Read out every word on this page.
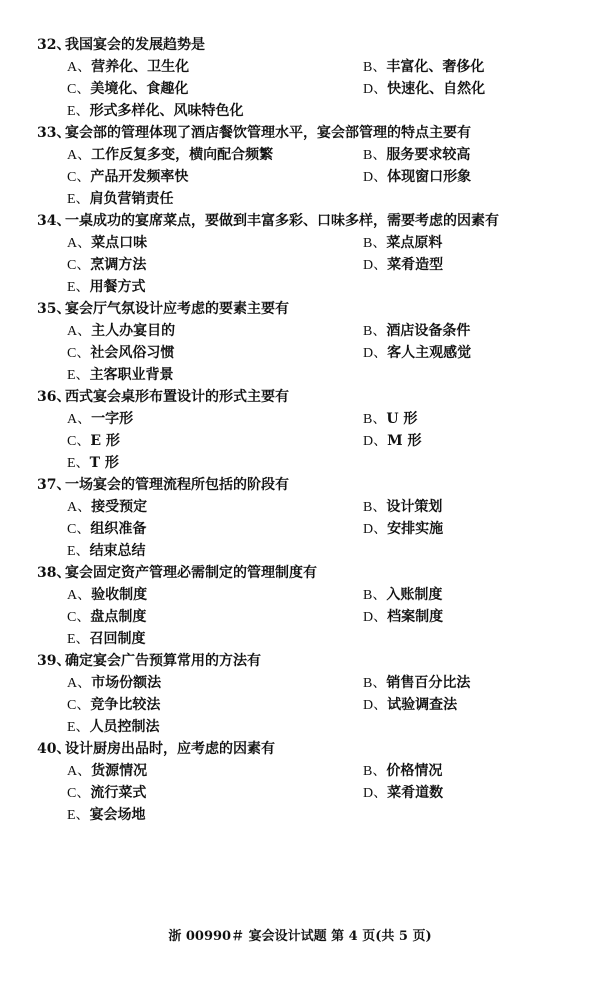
32、
我国宴会的发展趋势是
A、营养化、卫生化	B、丰富化、奢侈化
C、美境化、食趣化	D、快速化、自然化
E、形式多样化、风味特色化
33、
宴会部的管理体现了酒店餐饮管理水平，宴会部管理的特点主要有
A、工作反复多变，横向配合频繁	B、服务要求较高
C、产品开发频率快	D、体现窗口形象
E、肩负营销责任
34、
一桌成功的宴席菜点，要做到丰富多彩、口味多样，需要考虑的因素有
A、菜点口味	B、菜点原料
C、烹调方法	D、菜肴造型
E、用餐方式
35、
宴会厅气氛设计应考虑的要素主要有
A、主人办宴目的	B、酒店设备条件
C、社会风俗习惯	D、客人主观感觉
E、主客职业背景
36、
西式宴会桌形布置设计的形式主要有
A、一字形	B、U 形
C、E 形	D、M 形
E、T 形
37、
一场宴会的管理流程所包括的阶段有
A、接受预定	B、设计策划
C、组织准备	D、安排实施
E、结束总结
38、
宴会固定资产管理必需制定的管理制度有
A、验收制度	B、入账制度
C、盘点制度	D、档案制度
E、召回制度
39、
确定宴会广告预算常用的方法有
A、市场份额法	B、销售百分比法
C、竞争比较法	D、试验调查法
E、人员控制法
40、
设计厨房出品时，应考虑的因素有
A、货源情况	B、价格情况
C、流行菜式	D、菜肴道数
E、宴会场地
浙 00990＃ 宴会设计试题 第 4 页(共 5 页)
